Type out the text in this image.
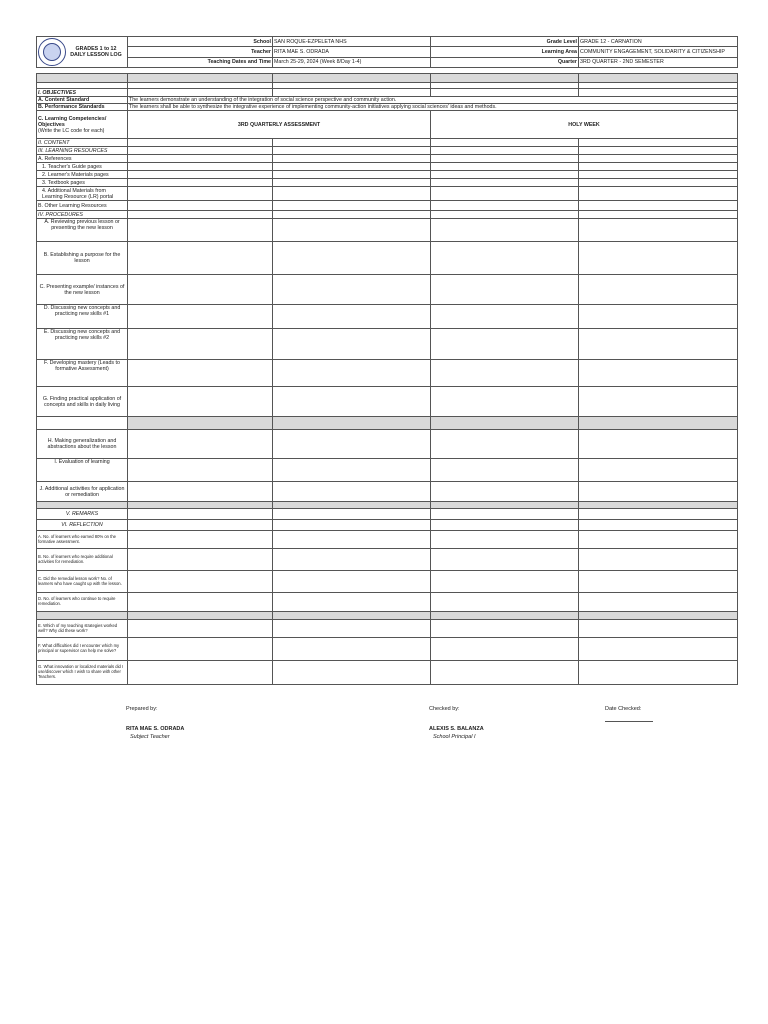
GRADES 1 to 12
DAILY LESSON LOG	School	SAN ROQUE-EZPELETA NHS	Grade Level	GRADE 12 - CARNATION
	Teacher	RITA MAE S. ODRADA	Learning Area	COMMUNITY ENGAGEMENT, SOLIDARITY & CITIZENSHIP
	Teaching Dates and Time	March 25-29, 2024 (Week 8/Day 1-4)	Quarter	3RD QUARTER - 2ND SEMESTER

I. OBJECTIVES				
A. Content Standard	The learners demonstrate an understanding of the integration of social science perspective and community action.			
B. Performance Standards	The learners shall be able to synthesize the integrative experience of implementing community-action initiatives applying social sciences' ideas and methods.			

C. Learning Competencies/ Objectives
(Write the LC code for each)	3RD QUARTERLY ASSESSMENT		HOLY WEEK	
II. CONTENT				
III. LEARNING RESOURCES				
A. References				
1. Teacher's Guide pages				
2. Learner's Materials pages				
3. Textbook pages				
4. Additional Materials from Learning Resource (LR) portal				
B. Other Learning Resources				
IV. PROCEDURES				
A. Reviewing previous lesson or presenting the new lesson				
B. Establishing a purpose for the lesson				
C. Presenting example/ instances of the new lesson				
D. Discussing new concepts and practicing new skills #1				
E. Discussing new concepts and practicing new skills #2				
F. Developing mastery (Leads to formative Assessment)				
G. Finding practical application of concepts and skills in daily living				

H. Making generalization and abstractions about the lesson				
I. Evaluation of learning				
J. Additional activities for application or remediation				

V. REMARKS				
VI. REFLECTION				
A. No. of learners who earned 80% on the formative assessment.				
B. No. of learners who require additional activities for remediation.				
C. Did the remedial lesson work? No. of learners who have caught up with the lesson.				
D. No. of learners who continue to require remediation.				

E. Which of my teaching strategies worked well? Why did these work?				
F. What difficulties did I encounter which my principal or supervisor can help me solve?				
G. What innovation or localized materials did I use/discover which I wish to share with other Teachers.				
Prepared by:
RITA MAE S. ODRADA
Subject Teacher
Checked by:
ALEXIS S. BALANZA
School Principal I
Date Checked:
